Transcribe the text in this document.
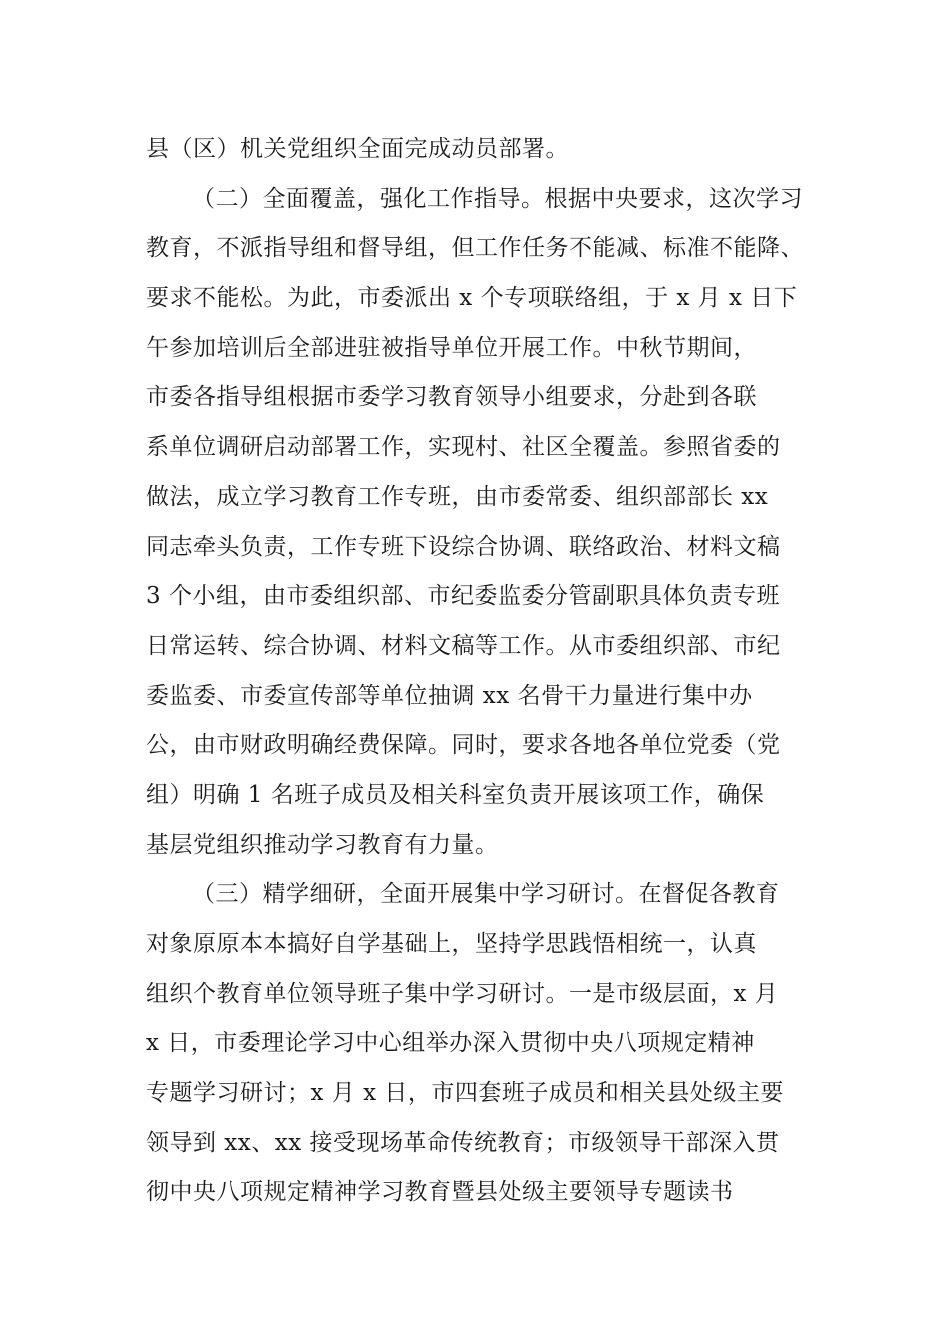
县（区）机关党组织全面完成动员部署。
（二）全面覆盖，强化工作指导。根据中央要求，这次学习
教育，不派指导组和督导组，但工作任务不能减、标准不能降、
要求不能松。为此，市委派出 x 个专项联络组，于 x 月 x 日下
午参加培训后全部进驻被指导单位开展工作。中秋节期间，
市委各指导组根据市委学习教育领导小组要求，分赴到各联
系单位调研启动部署工作，实现村、社区全覆盖。参照省委的
做法，成立学习教育工作专班，由市委常委、组织部部长 xx
同志牵头负责，工作专班下设综合协调、联络政治、材料文稿
3 个小组，由市委组织部、市纪委监委分管副职具体负责专班
日常运转、综合协调、材料文稿等工作。从市委组织部、市纪
委监委、市委宣传部等单位抽调 xx 名骨干力量进行集中办
公，由市财政明确经费保障。同时，要求各地各单位党委（党
组）明确 1 名班子成员及相关科室负责开展该项工作，确保
基层党组织推动学习教育有力量。
（三）精学细研，全面开展集中学习研讨。在督促各教育
对象原原本本搞好自学基础上，坚持学思践悟相统一，认真
组织个教育单位领导班子集中学习研讨。一是市级层面，x 月
x 日，市委理论学习中心组举办深入贯彻中央八项规定精神
专题学习研讨；x 月 x 日，市四套班子成员和相关县处级主要
领导到 xx、xx 接受现场革命传统教育；市级领导干部深入贯
彻中央八项规定精神学习教育暨县处级主要领导专题读书
